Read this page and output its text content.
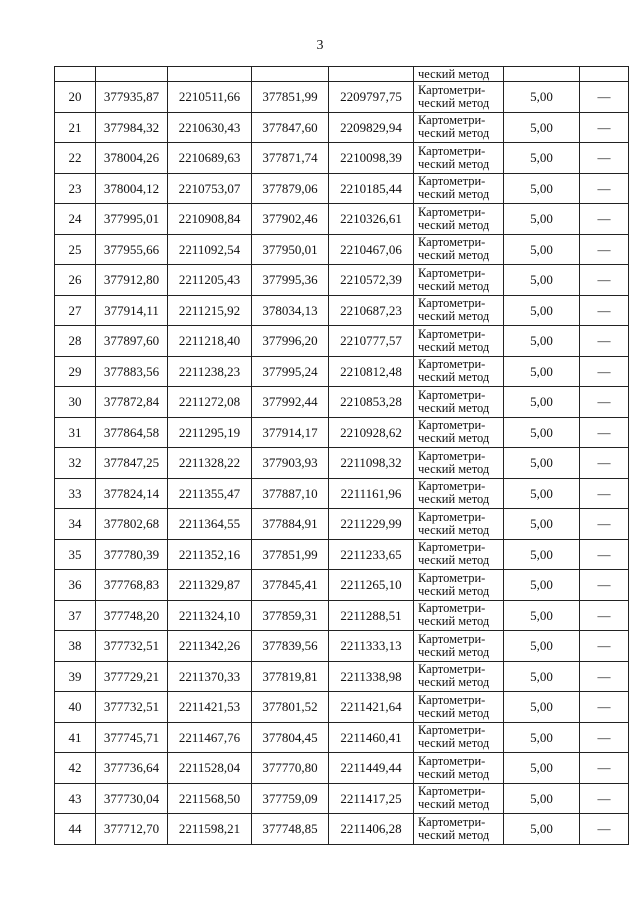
3
					ческий метод		
20	377935,87	2210511,66	377851,99	2209797,75	Картометри-
ческий метод	5,00	—
21	377984,32	2210630,43	377847,60	2209829,94	Картометри-
ческий метод	5,00	—
22	378004,26	2210689,63	377871,74	2210098,39	Картометри-
ческий метод	5,00	—
23	378004,12	2210753,07	377879,06	2210185,44	Картометри-
ческий метод	5,00	—
24	377995,01	2210908,84	377902,46	2210326,61	Картометри-
ческий метод	5,00	—
25	377955,66	2211092,54	377950,01	2210467,06	Картометри-
ческий метод	5,00	—
26	377912,80	2211205,43	377995,36	2210572,39	Картометри-
ческий метод	5,00	—
27	377914,11	2211215,92	378034,13	2210687,23	Картометри-
ческий метод	5,00	—
28	377897,60	2211218,40	377996,20	2210777,57	Картометри-
ческий метод	5,00	—
29	377883,56	2211238,23	377995,24	2210812,48	Картометри-
ческий метод	5,00	—
30	377872,84	2211272,08	377992,44	2210853,28	Картометри-
ческий метод	5,00	—
31	377864,58	2211295,19	377914,17	2210928,62	Картометри-
ческий метод	5,00	—
32	377847,25	2211328,22	377903,93	2211098,32	Картометри-
ческий метод	5,00	—
33	377824,14	2211355,47	377887,10	2211161,96	Картометри-
ческий метод	5,00	—
34	377802,68	2211364,55	377884,91	2211229,99	Картометри-
ческий метод	5,00	—
35	377780,39	2211352,16	377851,99	2211233,65	Картометри-
ческий метод	5,00	—
36	377768,83	2211329,87	377845,41	2211265,10	Картометри-
ческий метод	5,00	—
37	377748,20	2211324,10	377859,31	2211288,51	Картометри-
ческий метод	5,00	—
38	377732,51	2211342,26	377839,56	2211333,13	Картометри-
ческий метод	5,00	—
39	377729,21	2211370,33	377819,81	2211338,98	Картометри-
ческий метод	5,00	—
40	377732,51	2211421,53	377801,52	2211421,64	Картометри-
ческий метод	5,00	—
41	377745,71	2211467,76	377804,45	2211460,41	Картометри-
ческий метод	5,00	—
42	377736,64	2211528,04	377770,80	2211449,44	Картометри-
ческий метод	5,00	—
43	377730,04	2211568,50	377759,09	2211417,25	Картометри-
ческий метод	5,00	—
44	377712,70	2211598,21	377748,85	2211406,28	Картометри-
ческий метод	5,00	—
